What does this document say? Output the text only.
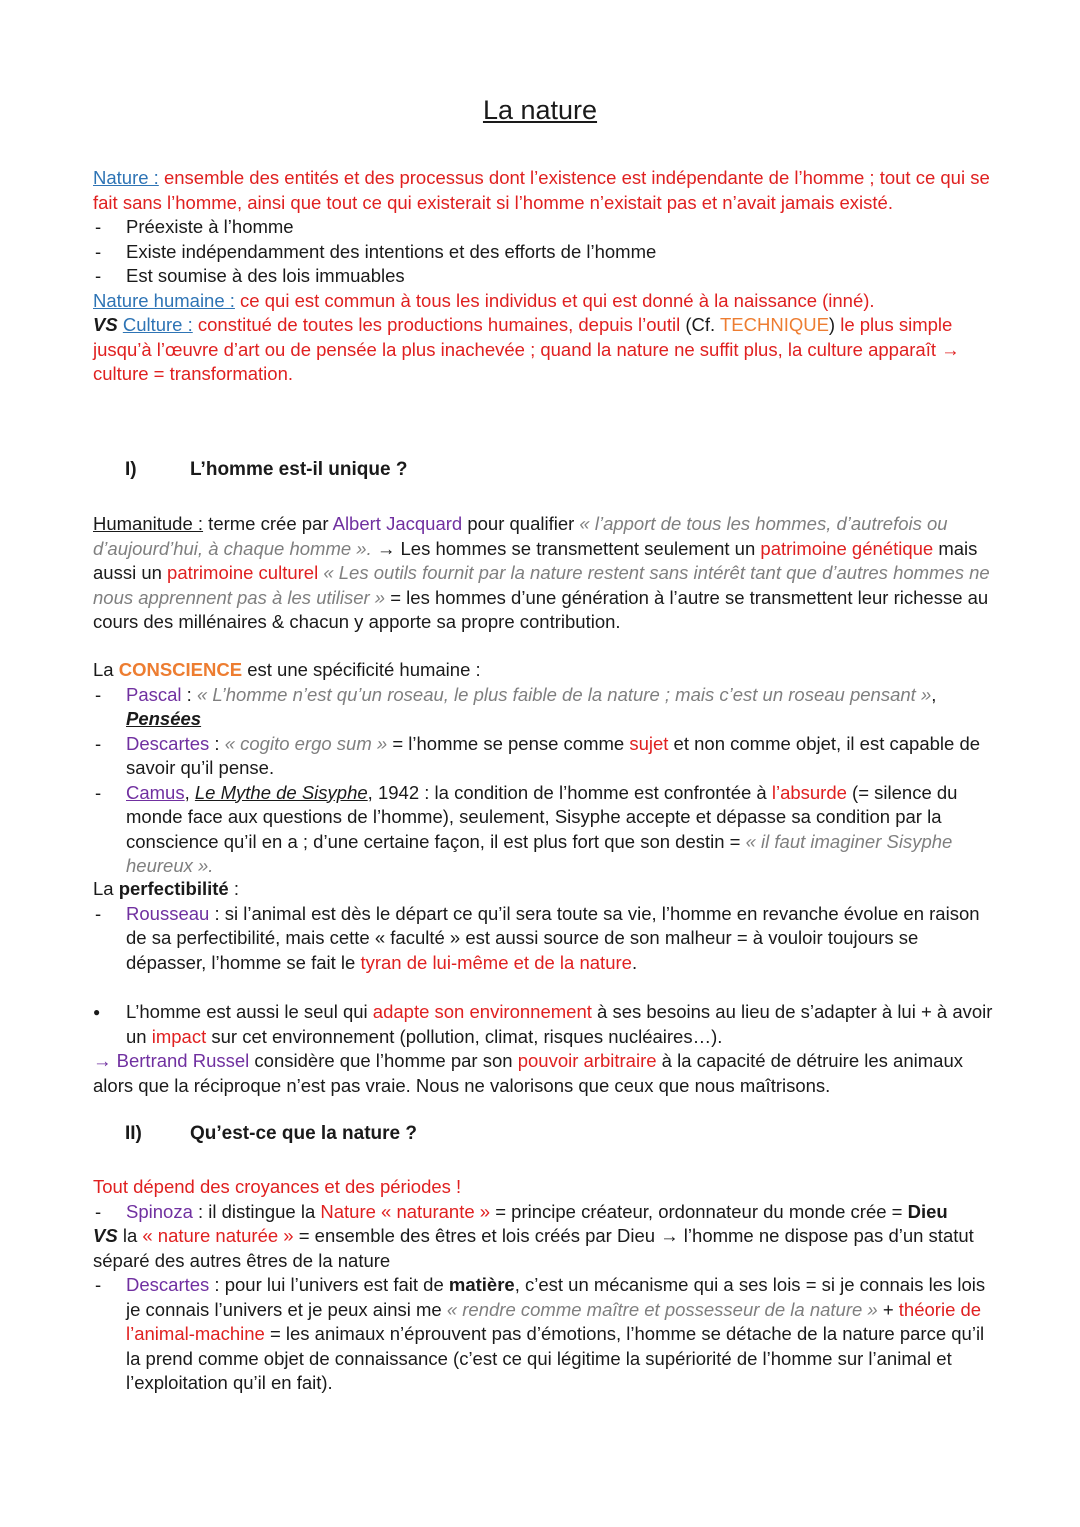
La nature
Nature : ensemble des entités et des processus dont l’existence est indépendante de l’homme ; tout ce qui se fait sans l’homme, ainsi que tout ce qui existerait si l’homme n’existait pas et n’avait jamais existé.
- Préexiste à l’homme
- Existe indépendamment des intentions et des efforts de l’homme
- Est soumise à des lois immuables
Nature humaine : ce qui est commun à tous les individus et qui est donné à la naissance (inné).
VS Culture : constitué de toutes les productions humaines, depuis l’outil (Cf. TECHNIQUE) le plus simple jusqu’à l’œuvre d’art ou de pensée la plus inachevée ; quand la nature ne suffit plus, la culture apparaît → culture = transformation.
I)	L’homme est-il unique ?
Humanitude : terme crée par Albert Jacquard pour qualifier « l’apport de tous les hommes, d’autrefois ou d’aujourd’hui, à chaque homme ». → Les hommes se transmettent seulement un patrimoine génétique mais aussi un patrimoine culturel « Les outils fournit par la nature restent sans intérêt tant que d’autres hommes ne nous apprennent pas à les utiliser » = les hommes d’une génération à l’autre se transmettent leur richesse au cours des millénaires & chacun y apporte sa propre contribution.
La CONSCIENCE est une spécificité humaine :
- Pascal : « L’homme n’est qu’un roseau, le plus faible de la nature ; mais c’est un roseau pensant », Pensées
- Descartes : « cogito ergo sum » = l’homme se pense comme sujet et non comme objet, il est capable de savoir qu’il pense.
- Camus, Le Mythe de Sisyphe, 1942 : la condition de l’homme est confrontée à l’absurde (= silence du monde face aux questions de l’homme), seulement, Sisyphe accepte et dépasse sa condition par la conscience qu’il en a ; d’une certaine façon, il est plus fort que son destin = « il faut imaginer Sisyphe heureux ».
La perfectibilité :
- Rousseau : si l’animal est dès le départ ce qu’il sera toute sa vie, l’homme en revanche évolue en raison de sa perfectibilité, mais cette « faculté » est aussi source de son malheur = à vouloir toujours se dépasser, l’homme se fait le tyran de lui-même et de la nature.
● L’homme est aussi le seul qui adapte son environnement à ses besoins au lieu de s’adapter à lui + à avoir un impact sur cet environnement (pollution, climat, risques nucléaires…).
→ Bertrand Russel considère que l’homme par son pouvoir arbitraire à la capacité de détruire les animaux alors que la réciproque n’est pas vraie. Nous ne valorisons que ceux que nous maîtrisons.
II)	Qu’est-ce que la nature ?
Tout dépend des croyances et des périodes !
- Spinoza : il distingue la Nature « naturante » = principe créateur, ordonnateur du monde crée = Dieu
VS la « nature naturée » = ensemble des êtres et lois créés par Dieu → l’homme ne dispose pas d’un statut séparé des autres êtres de la nature
- Descartes : pour lui l’univers est fait de matière, c’est un mécanisme qui a ses lois = si je connais les lois je connais l’univers et je peux ainsi me « rendre comme maître et possesseur de la nature » + théorie de l’animal-machine = les animaux n’éprouvent pas d’émotions, l’homme se détache de la nature parce qu’il la prend comme objet de connaissance (c’est ce qui légitime la supériorité de l’homme sur l’animal et l’exploitation qu’il en fait).
